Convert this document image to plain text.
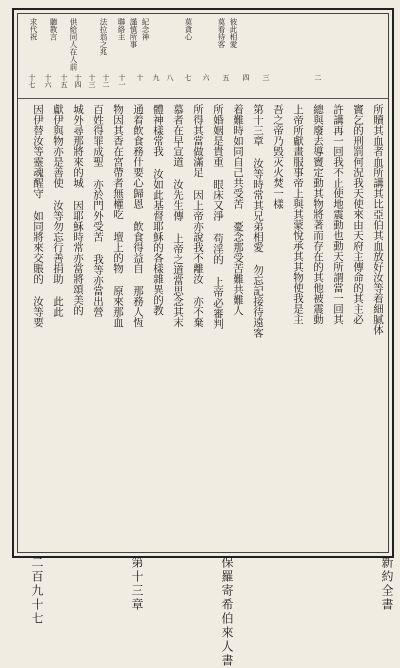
彼此相愛
莫看待客
莫貪心
紀念神
謹慎所事
聯絡主
法拉翁之兆
供給同人在人前
聽教言
求代祝
二
三
四
五
六
七
八
九
十
十一
十二
十三
十四
十五
十六
十七
所贖其血者血所講其比亞伯其血放好汝等着細腻体
竇乞的刑罰何況我天使來由天府主傳命的其主必
許講再一回我不止使地震動也動天所謂當一回其
總與廢去導竇定動其物將著而存在的其他被震動
上帝所獻畫服事帝上與其蒙悅承其其物使我是主
吾之帝乃毁灭火焚一樣
第十三章 汝等時常其兄弟相愛 勿忘記接待遠客
着難時如同自己共受苦 憂念那受苦難共難人
所婚姻是貴重 眼床又淨 苟淫的 上帝必審判
所得其當做滿足 因上帝亦說我不離汝 亦不棄
慕者在早宣道 汝先生傳 上帝之道當思念其末
體神樣常我 汝如此基督耶穌的各樣雜異的教
通着飲食務什要心歸恩 飲食得益自 那務人恆
物因其香在宮帶者無權吃 壇上的物 原來那血
百姓得罪成聖 亦於門外受苦 我等亦當出營
城外尋那將來的城 因耶穌時常亦當將頌美的
獻伊與物亦是善使 汝等勿忘行善捐助 此此
因伊替汝等靈魂醒守 如同將來交賬的 汝等要
新約全書
保羅寄希伯來人書
第十三章
二百九十七
